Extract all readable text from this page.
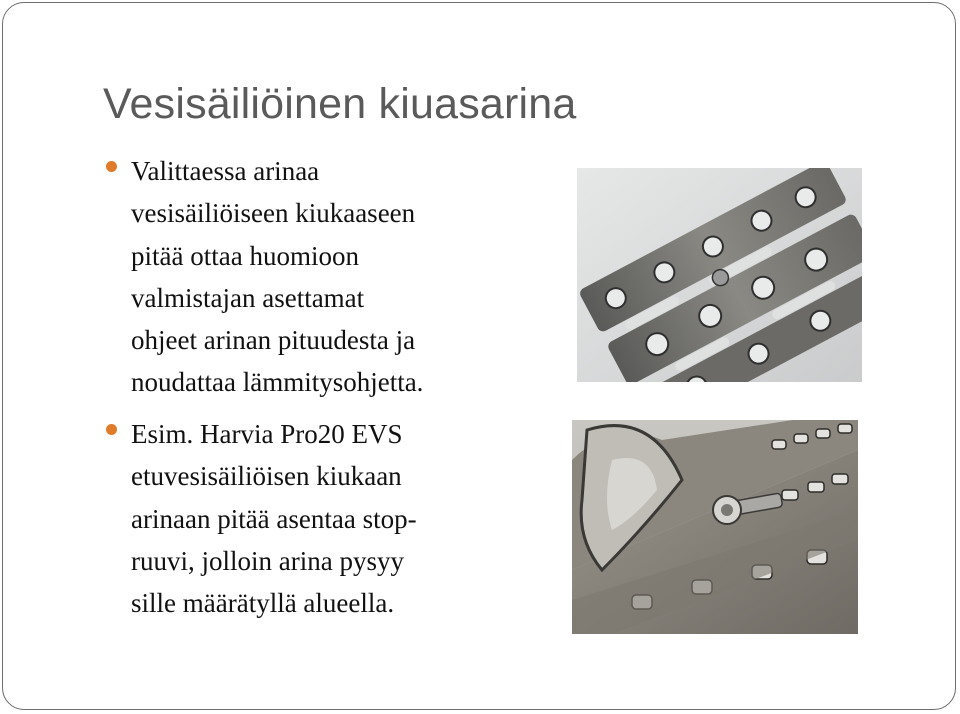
Vesisäiliöinen kiuasarina
Valittaessa arinaa
vesisäiliöiseen kiukaaseen
pitää ottaa huomioon
valmistajan asettamat
ohjeet arinan pituudesta ja
noudattaa lämmitysohjetta.
Esim. Harvia Pro20 EVS
etuvesisäiliöisen kiukaan
arinaan pitää asentaa stop-
ruuvi, jolloin arina pysyy
sille määrätyllä alueella.
